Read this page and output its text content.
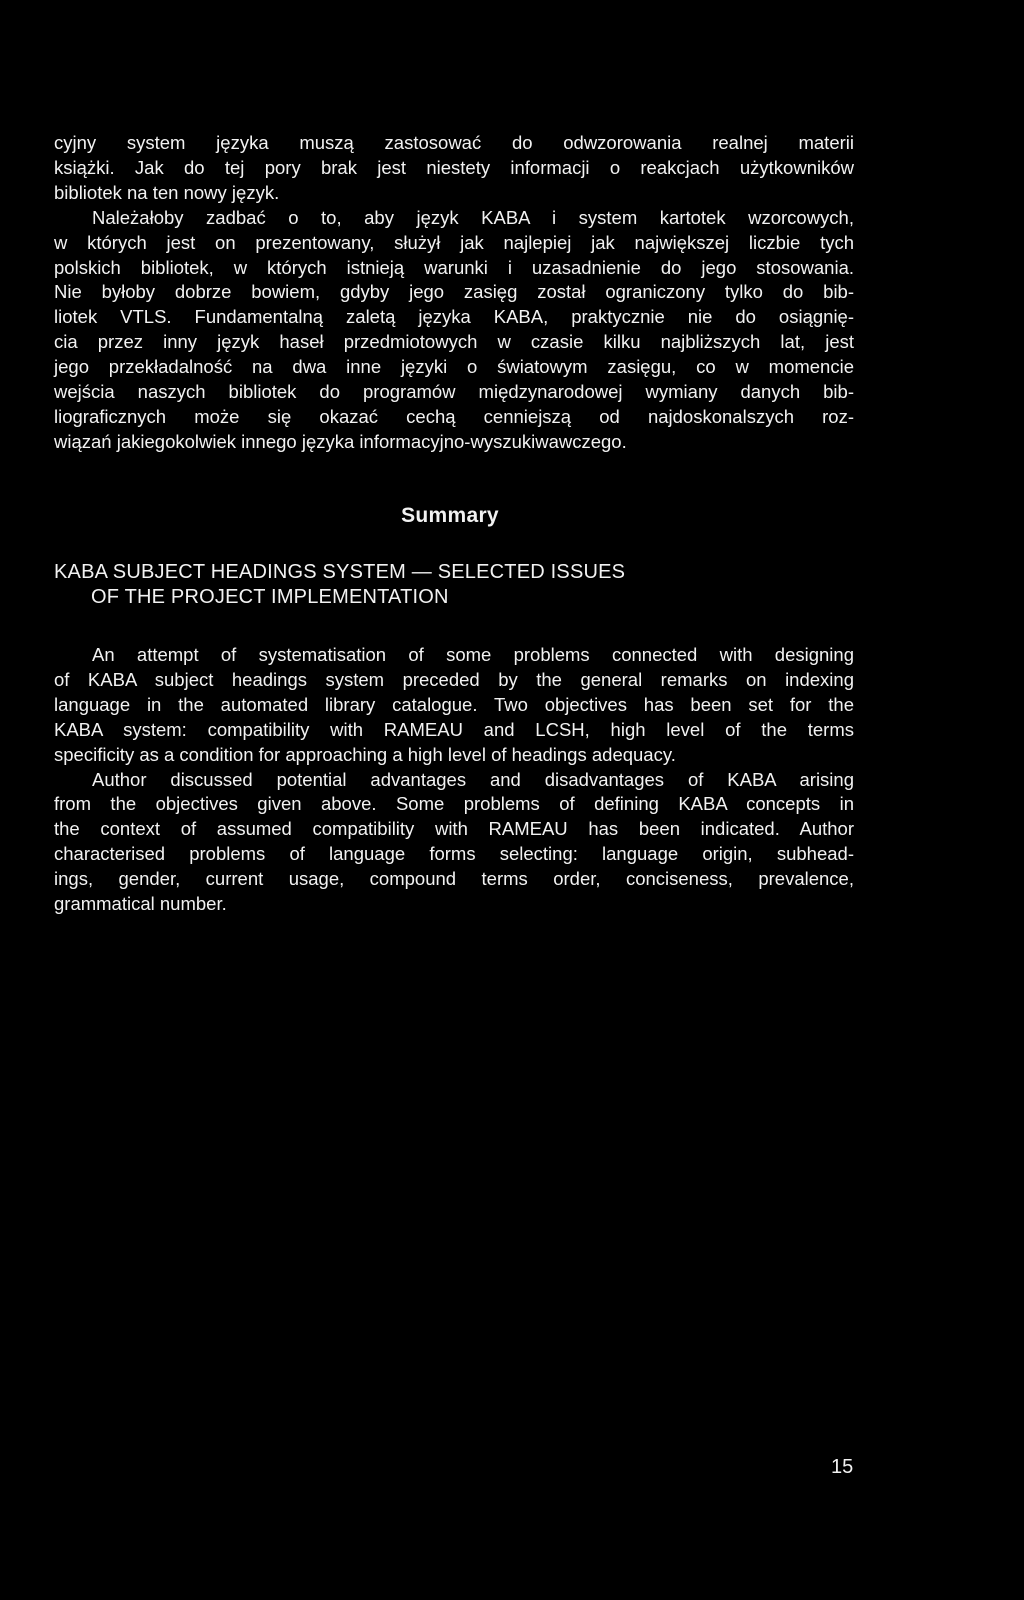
cyjny system języka muszą zastosować do odwzorowania realnej materii
książki. Jak do tej pory brak jest niestety informacji o reakcjach użytkowników
bibliotek na ten nowy język.
Należałoby zadbać o to, aby język KABA i system kartotek wzorcowych,
w których jest on prezentowany, służył jak najlepiej jak największej liczbie tych
polskich bibliotek, w których istnieją warunki i uzasadnienie do jego stosowania.
Nie byłoby dobrze bowiem, gdyby jego zasięg został ograniczony tylko do bib-
liotek VTLS. Fundamentalną zaletą języka KABA, praktycznie nie do osiągnię-
cia przez inny język haseł przedmiotowych w czasie kilku najbliższych lat, jest
jego przekładalność na dwa inne języki o światowym zasięgu, co w momencie
wejścia naszych bibliotek do programów międzynarodowej wymiany danych bib-
liograficznych może się okazać cechą cenniejszą od najdoskonalszych roz-
wiązań jakiegokolwiek innego języka informacyjno-wyszukiwawczego.
Summary
KABA SUBJECT HEADINGS SYSTEM — SELECTED ISSUES
OF THE PROJECT IMPLEMENTATION
An attempt of systematisation of some problems connected with designing
of KABA subject headings system preceded by the general remarks on indexing
language in the automated library catalogue. Two objectives has been set for the
KABA system: compatibility with RAMEAU and LCSH, high level of the terms
specificity as a condition for approaching a high level of headings adequacy.
Author discussed potential advantages and disadvantages of KABA arising
from the objectives given above. Some problems of defining KABA concepts in
the context of assumed compatibility with RAMEAU has been indicated. Author
characterised problems of language forms selecting: language origin, subhead-
ings, gender, current usage, compound terms order, conciseness, prevalence,
grammatical number.
15
